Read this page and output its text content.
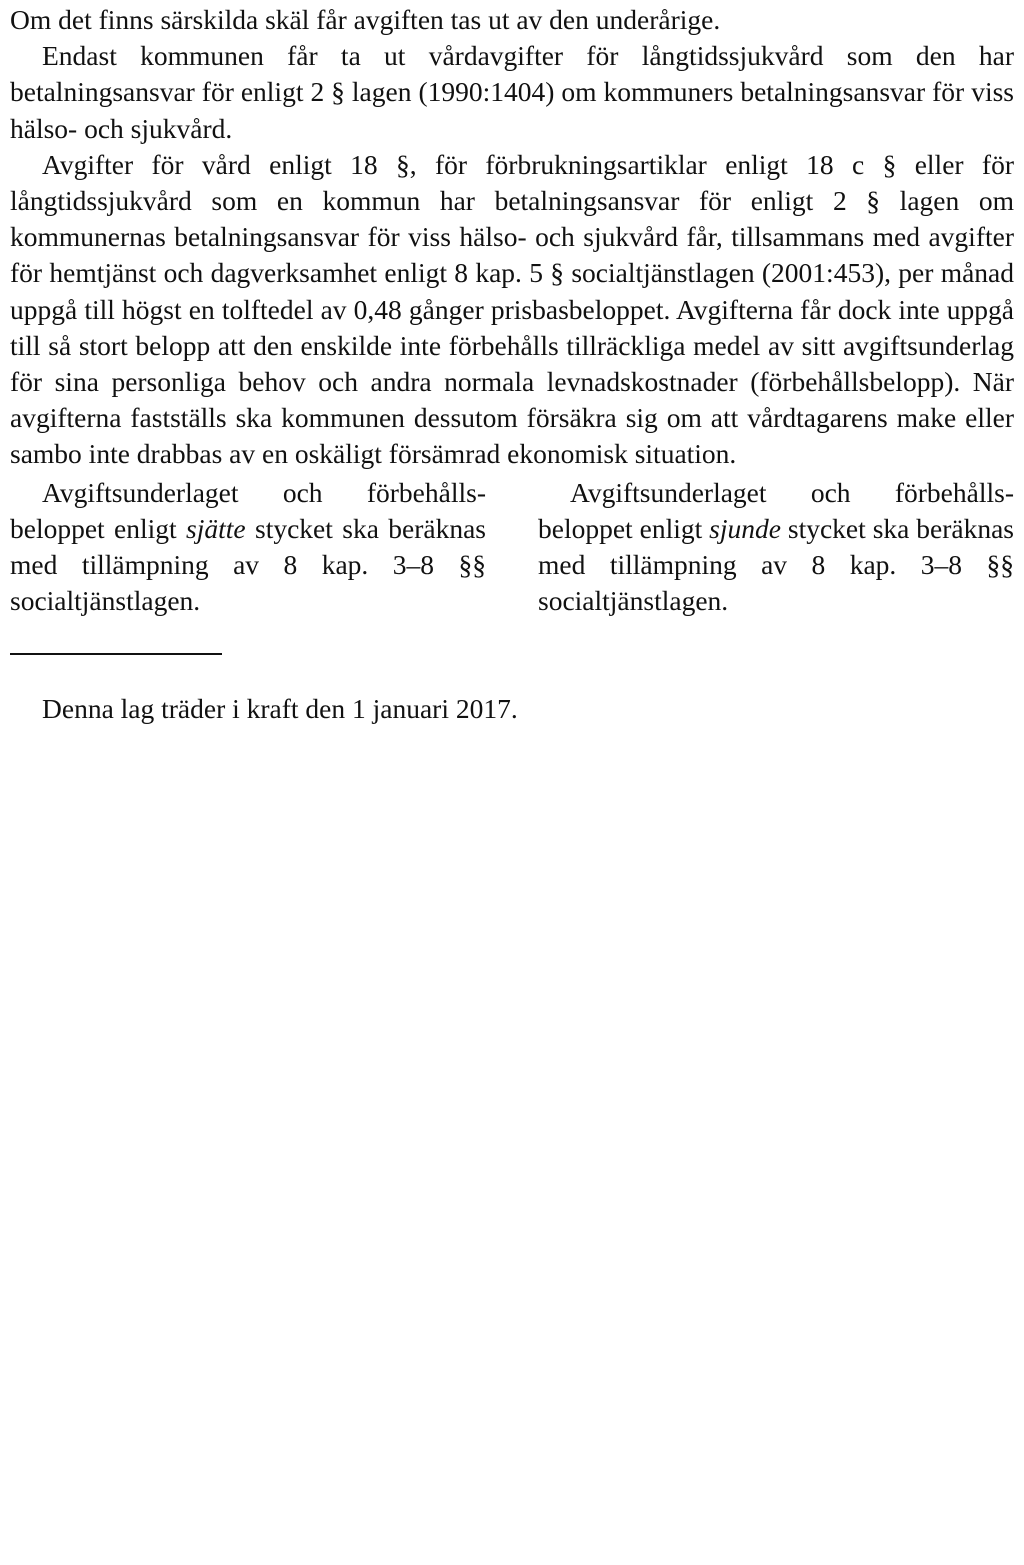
Om det finns särskilda skäl får avgiften tas ut av den underårige.

Endast kommunen får ta ut vårdavgifter för långtidssjukvård som den har betalningsansvar för enligt 2 § lagen (1990:1404) om kommuners betalningsansvar för viss hälso- och sjukvård.

Avgifter för vård enligt 18 §, för förbrukningsartiklar enligt 18 c § eller för långtidssjukvård som en kommun har betalningsansvar för enligt 2 § lagen om kommunernas betalningsansvar för viss hälso- och sjukvård får, tillsammans med avgifter för hemtjänst och dagverksamhet enligt 8 kap. 5 § socialtjänstlagen (2001:453), per månad uppgå till högst en tolftedel av 0,48 gånger prisbasbeloppet. Avgifterna får dock inte uppgå till så stort belopp att den enskilde inte förbehålls tillräckliga medel av sitt avgiftsunderlag för sina personliga behov och andra normala levnadskostnader (förbehållsbelopp). När avgifterna fastställs ska kommunen dessutom försäkra sig om att vårdtagarens make eller sambo inte drabbas av en oskäligt försämrad ekonomisk situation.

Avgiftsunderlaget och förbehållsbeloppet enligt sjätte stycket ska beräknas med tillämpning av 8 kap. 3–8 §§ socialtjänstlagen.

Avgiftsunderlaget och förbehållsbeloppet enligt sjunde stycket ska beräknas med tillämpning av 8 kap. 3–8 §§ socialtjänstlagen.

Denna lag träder i kraft den 1 januari 2017.
